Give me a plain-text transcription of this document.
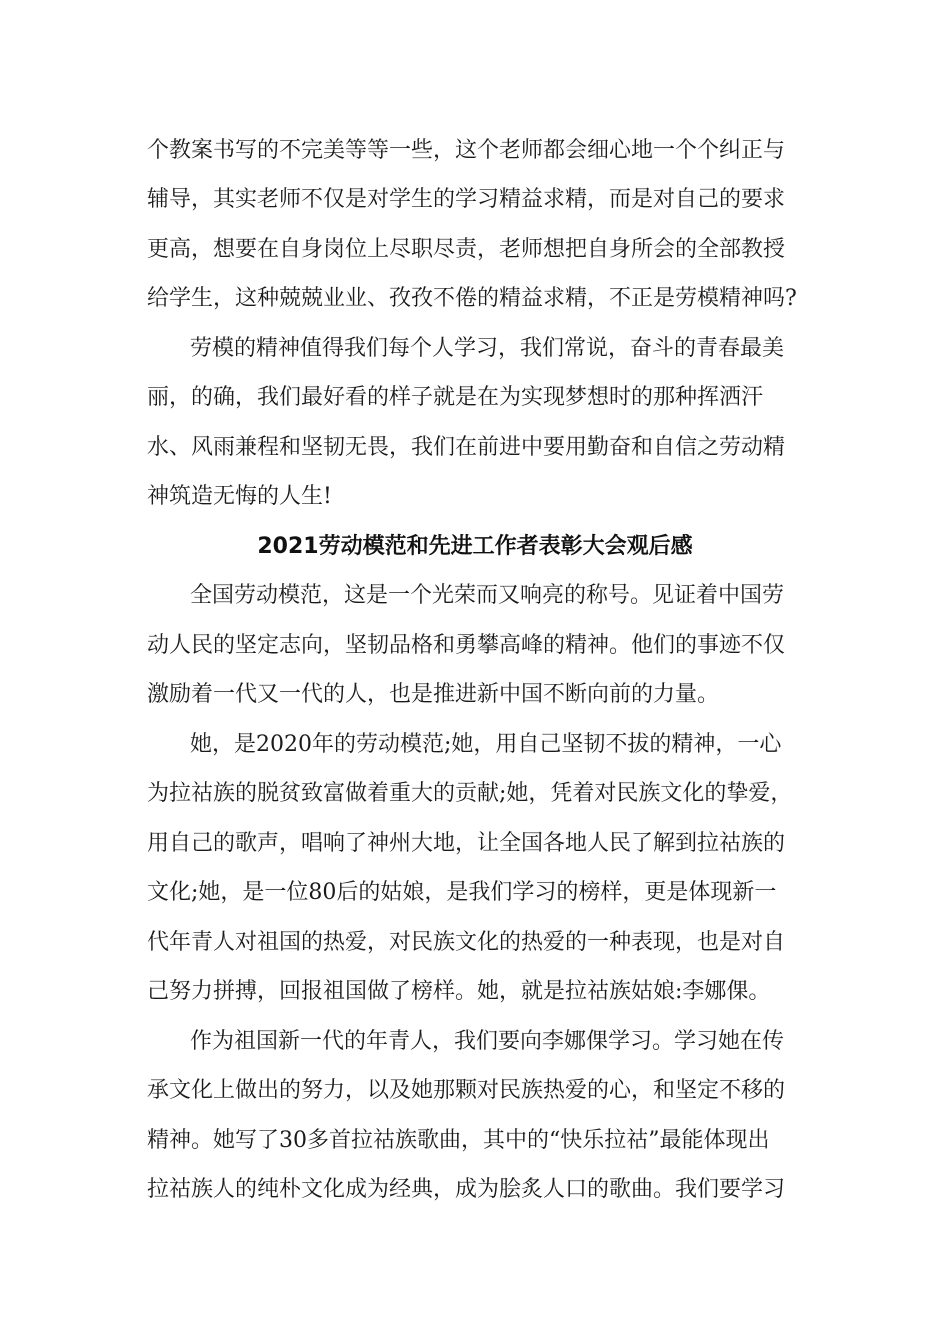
个教案书写的不完美等等一些，这个老师都会细心地一个个纠正与
辅导，其实老师不仅是对学生的学习精益求精，而是对自己的要求
更高，想要在自身岗位上尽职尽责，老师想把自身所会的全部教授
给学生，这种兢兢业业、孜孜不倦的精益求精，不正是劳模精神吗?
劳模的精神值得我们每个人学习，我们常说，奋斗的青春最美
丽，的确，我们最好看的样子就是在为实现梦想时的那种挥洒汗
水、风雨兼程和坚韧无畏，我们在前进中要用勤奋和自信之劳动精
神筑造无悔的人生!
2021劳动模范和先进工作者表彰大会观后感
全国劳动模范，这是一个光荣而又响亮的称号。见证着中国劳
动人民的坚定志向，坚韧品格和勇攀高峰的精神。他们的事迹不仅
激励着一代又一代的人，也是推进新中国不断向前的力量。
她，是2020年的劳动模范;她，用自己坚韧不拔的精神，一心
为拉祜族的脱贫致富做着重大的贡献;她，凭着对民族文化的挚爱，
用自己的歌声，唱响了神州大地，让全国各地人民了解到拉祜族的
文化;她，是一位80后的姑娘，是我们学习的榜样，更是体现新一
代年青人对祖国的热爱，对民族文化的热爱的一种表现，也是对自
己努力拼搏，回报祖国做了榜样。她，就是拉祜族姑娘:李娜倮。
作为祖国新一代的年青人，我们要向李娜倮学习。学习她在传
承文化上做出的努力，以及她那颗对民族热爱的心，和坚定不移的
精神。她写了30多首拉祜族歌曲，其中的“快乐拉祜”最能体现出
拉祜族人的纯朴文化成为经典，成为脍炙人口的歌曲。我们要学习
